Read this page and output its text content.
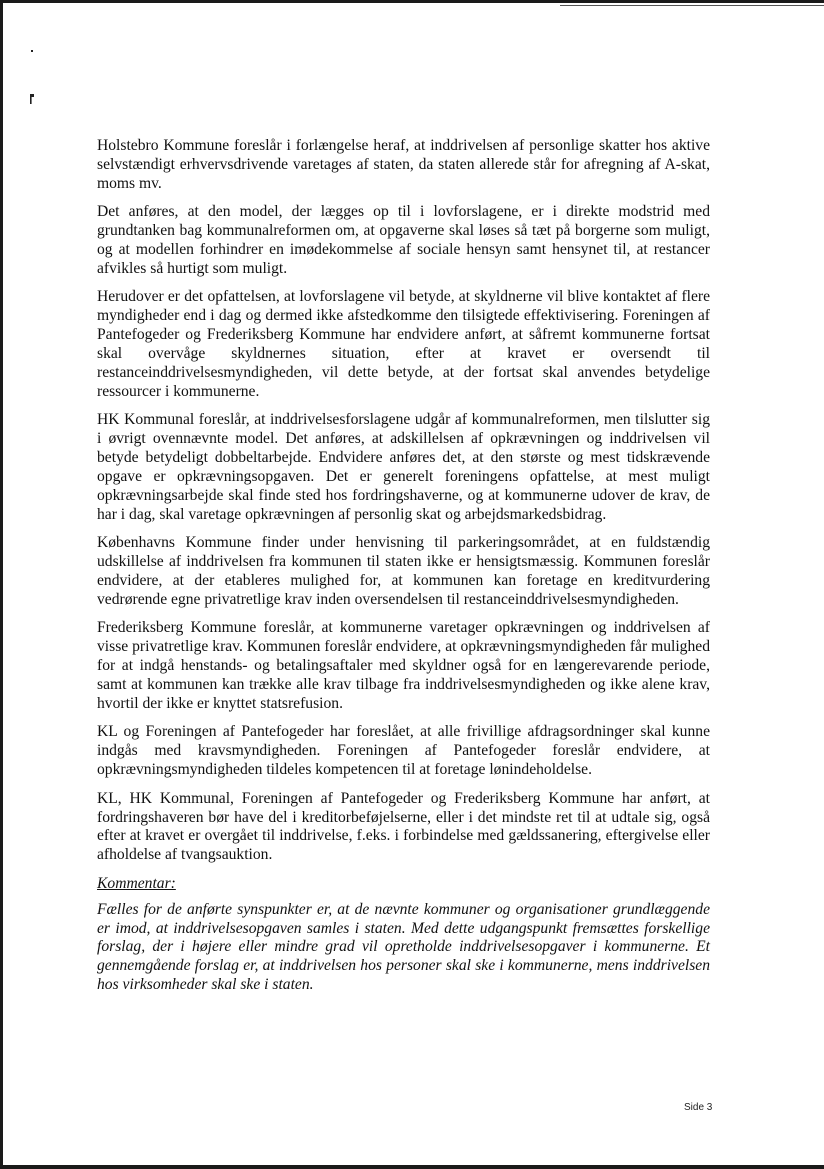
Holstebro Kommune foreslår i forlængelse heraf, at inddrivelsen af personlige skatter hos aktive selvstændigt erhvervsdrivende varetages af staten, da staten allerede står for afregning af A-skat, moms mv.

Det anføres, at den model, der lægges op til i lovforslagene, er i direkte modstrid med grundtanken bag kommunalreformen om, at opgaverne skal løses så tæt på borgerne som muligt, og at modellen forhindrer en imødekommelse af sociale hensyn samt hensynet til, at restancer afvikles så hurtigt som muligt.

Herudover er det opfattelsen, at lovforslagene vil betyde, at skyldnerne vil blive kontaktet af flere myndigheder end i dag og dermed ikke afstedkomme den tilsigtede effektivisering. Foreningen af Pantefogeder og Frederiksberg Kommune har endvidere anført, at såfremt kommunerne fortsat skal overvåge skyldnernes situation, efter at kravet er oversendt til restanceinddrivelsesmyndigheden, vil dette betyde, at der fortsat skal anvendes betydelige ressourcer i kommunerne.

HK Kommunal foreslår, at inddrivelsesforslagene udgår af kommunalreformen, men tilslutter sig i øvrigt ovennævnte model. Det anføres, at adskillelsen af opkrævningen og inddrivelsen vil betyde betydeligt dobbeltarbejde. Endvidere anføres det, at den største og mest tidskrævende opgave er opkrævningsopgaven. Det er generelt foreningens opfattelse, at mest muligt opkrævningsarbejde skal finde sted hos fordringshaverne, og at kommunerne udover de krav, de har i dag, skal varetage opkrævningen af personlig skat og arbejdsmarkedsbidrag.

Københavns Kommune finder under henvisning til parkeringsområdet, at en fuldstændig udskillelse af inddrivelsen fra kommunen til staten ikke er hensigtsmæssig. Kommunen foreslår endvidere, at der etableres mulighed for, at kommunen kan foretage en kreditvurdering vedrørende egne privatretlige krav inden oversendelsen til restanceinddrivelsesmyndigheden.

Frederiksberg Kommune foreslår, at kommunerne varetager opkrævningen og inddrivelsen af visse privatretlige krav. Kommunen foreslår endvidere, at opkrævningsmyndigheden får mulighed for at indgå henstands- og betalingsaftaler med skyldner også for en længerevarende periode, samt at kommunen kan trække alle krav tilbage fra inddrivelsesmyndigheden og ikke alene krav, hvortil der ikke er knyttet statsrefusion.

KL og Foreningen af Pantefogeder har foreslået, at alle frivillige afdragsordninger skal kunne indgås med kravsmyndigheden. Foreningen af Pantefogeder foreslår endvidere, at opkrævningsmyndigheden tildeles kompetencen til at foretage lønindeholdelse.

KL, HK Kommunal, Foreningen af Pantefogeder og Frederiksberg Kommune har anført, at fordringshaveren bør have del i kreditorbeføjelserne, eller i det mindste ret til at udtale sig, også efter at kravet er overgået til inddrivelse, f.eks. i forbindelse med gældssanering, eftergivelse eller afholdelse af tvangsauktion.

Kommentar:

Fælles for de anførte synspunkter er, at de nævnte kommuner og organisationer grundlæggende er imod, at inddrivelsesopgaven samles i staten. Med dette udgangspunkt fremsættes forskellige forslag, der i højere eller mindre grad vil opretholde inddrivelsesopgaver i kommunerne. Et gennemgående forslag er, at inddrivelsen hos personer skal ske i kommunerne, mens inddrivelsen hos virksomheder skal ske i staten.

Side 3
